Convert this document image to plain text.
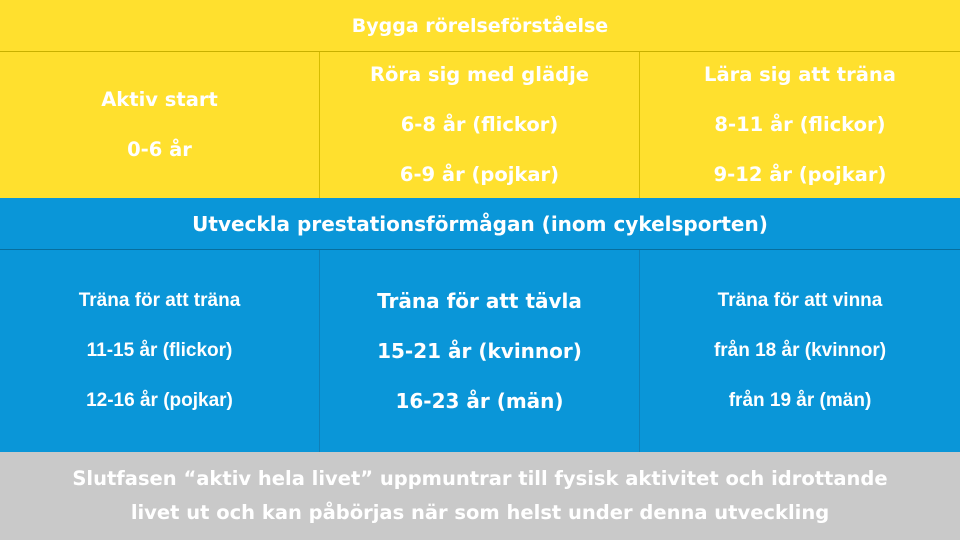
Bygga rörelseförståelse
Aktiv start
0-6 år
Röra sig med glädje
6-8 år (flickor)
6-9 år (pojkar)
Lära sig att träna
8-11 år (flickor)
9-12 år (pojkar)
Utveckla prestationsförmågan (inom cykelsporten)
Träna för att träna
11-15 år (flickor)
12-16 år (pojkar)
Träna för att tävla
15-21 år (kvinnor)
16-23 år (män)
Träna för att vinna
från 18 år (kvinnor)
från 19 år (män)
Slutfasen “aktiv hela livet” uppmuntrar till fysisk aktivitet och idrottande
livet ut och kan påbörjas när som helst under denna utveckling
